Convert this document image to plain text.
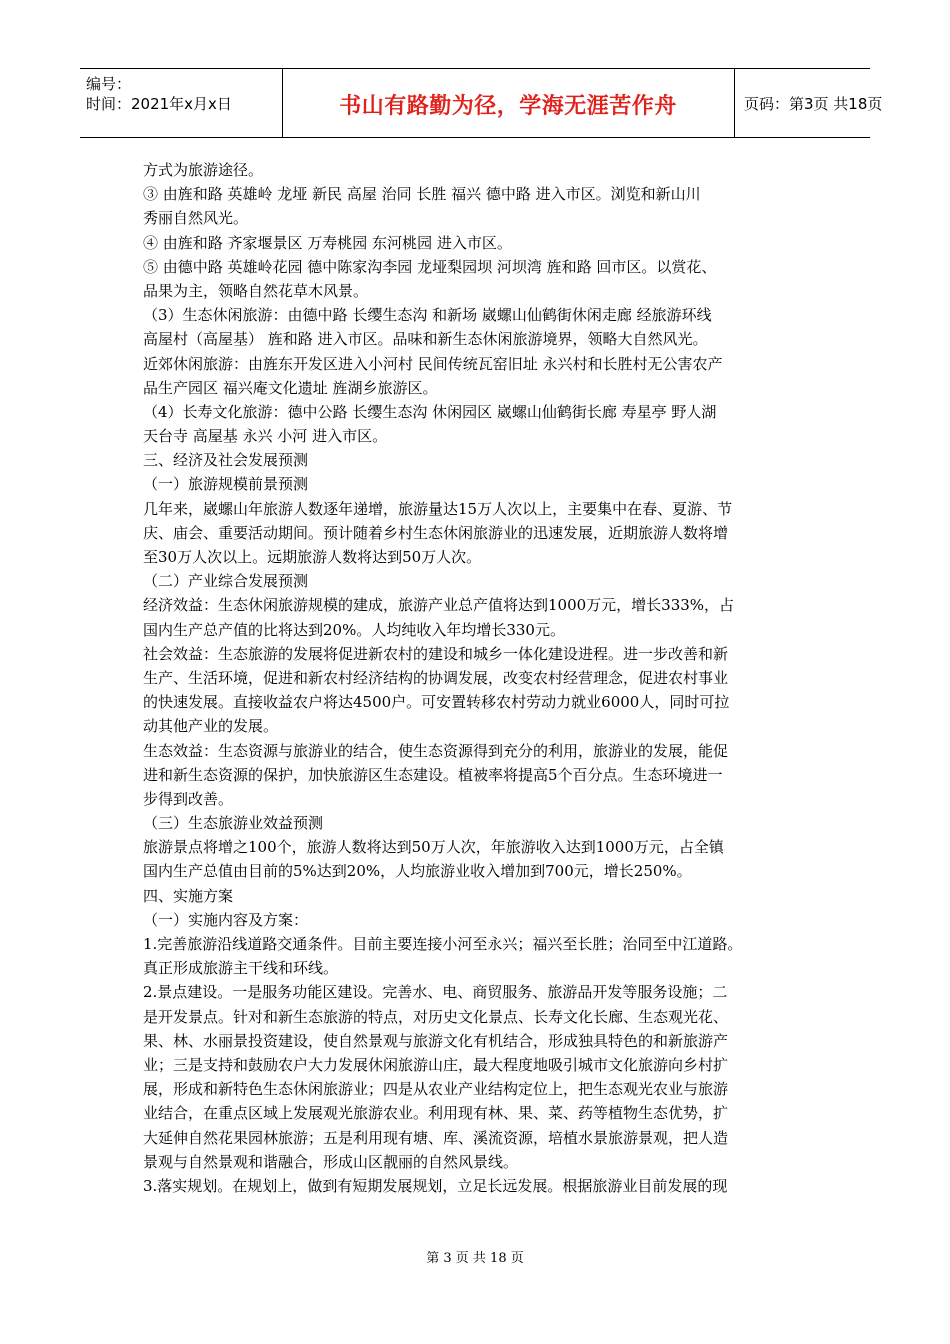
编号：
时间：2021年x月x日	书山有路勤为径，学海无涯苦作舟	页码：第3页 共18页
方式为旅游途径。
③ 由旌和路 英雄岭 龙垭 新民 高屋 治同 长胜 福兴 德中路 进入市区。浏览和新山川
秀丽自然风光。
④ 由旌和路 齐家堰景区 万寿桃园 东河桃园 进入市区。
⑤ 由德中路 英雄岭花园 德中陈家沟李园 龙垭梨园坝 河坝湾 旌和路 回市区。以赏花、
品果为主，领略自然花草木风景。
（3）生态休闲旅游：由德中路 长缨生态沟 和新场 崴螺山仙鹤街休闲走廊 经旅游环线
高屋村（高屋基） 旌和路 进入市区。品味和新生态休闲旅游境界，领略大自然风光。
近郊休闲旅游：由旌东开发区进入小河村 民间传统瓦窑旧址 永兴村和长胜村无公害农产
品生产园区 福兴庵文化遗址 旌湖乡旅游区。
（4）长寿文化旅游：德中公路 长缨生态沟 休闲园区 崴螺山仙鹤街长廊 寿星亭 野人湖
天台寺 高屋基 永兴 小河 进入市区。
三、经济及社会发展预测
（一）旅游规模前景预测
几年来，崴螺山年旅游人数逐年递增，旅游量达15万人次以上，主要集中在春、夏游、节
庆、庙会、重要活动期间。预计随着乡村生态休闲旅游业的迅速发展，近期旅游人数将增
至30万人次以上。远期旅游人数将达到50万人次。
（二）产业综合发展预测
经济效益：生态休闲旅游规模的建成，旅游产业总产值将达到1000万元，增长333%，占
国内生产总产值的比将达到20%。人均纯收入年均增长330元。
社会效益：生态旅游的发展将促进新农村的建设和城乡一体化建设进程。进一步改善和新
生产、生活环境，促进和新农村经济结构的协调发展，改变农村经营理念，促进农村事业
的快速发展。直接收益农户将达4500户。可安置转移农村劳动力就业6000人，同时可拉
动其他产业的发展。
生态效益：生态资源与旅游业的结合，使生态资源得到充分的利用，旅游业的发展，能促
进和新生态资源的保护，加快旅游区生态建设。植被率将提高5个百分点。生态环境进一
步得到改善。
（三）生态旅游业效益预测
旅游景点将增之100个，旅游人数将达到50万人次，年旅游收入达到1000万元，占全镇
国内生产总值由目前的5%达到20%，人均旅游业收入增加到700元，增长250%。
四、实施方案
（一）实施内容及方案：
1.完善旅游沿线道路交通条件。目前主要连接小河至永兴；福兴至长胜；治同至中江道路。
真正形成旅游主干线和环线。
2.景点建设。一是服务功能区建设。完善水、电、商贸服务、旅游品开发等服务设施；二
是开发景点。针对和新生态旅游的特点，对历史文化景点、长寿文化长廊、生态观光花、
果、林、水丽景投资建设，使自然景观与旅游文化有机结合，形成独具特色的和新旅游产
业；三是支持和鼓励农户大力发展休闲旅游山庄，最大程度地吸引城市文化旅游向乡村扩
展，形成和新特色生态休闲旅游业；四是从农业产业结构定位上，把生态观光农业与旅游
业结合，在重点区域上发展观光旅游农业。利用现有林、果、菜、药等植物生态优势，扩
大延伸自然花果园林旅游；五是利用现有塘、库、溪流资源，培植水景旅游景观，把人造
景观与自然景观和谐融合，形成山区靓丽的自然风景线。
3.落实规划。在规划上，做到有短期发展规划，立足长远发展。根据旅游业目前发展的现
第 3 页 共 18 页
